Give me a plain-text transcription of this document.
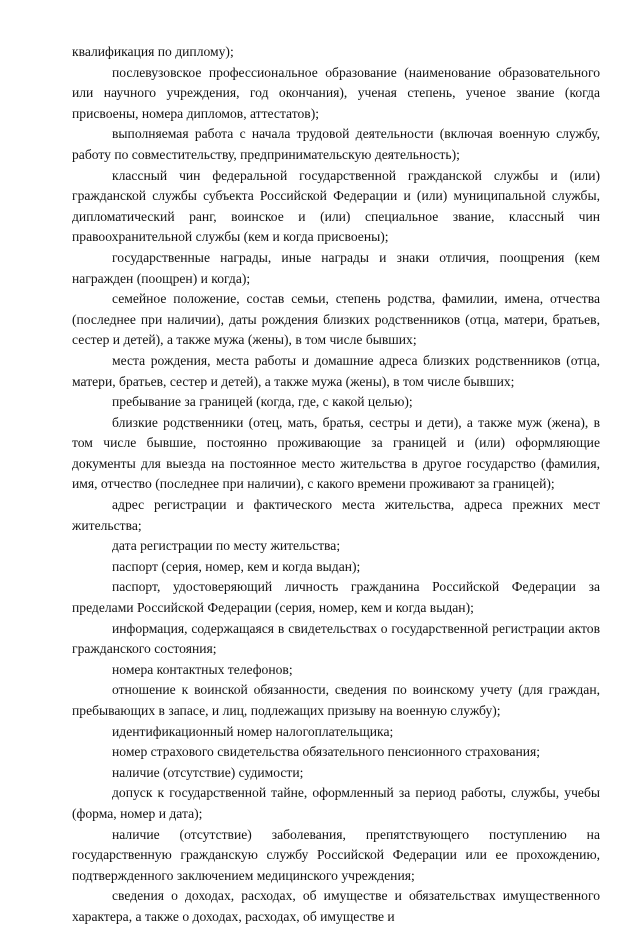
квалификация по диплому);

послевузовское профессиональное образование (наименование образовательного или научного учреждения, год окончания), ученая степень, ученое звание (когда присвоены, номера дипломов, аттестатов);

выполняемая работа с начала трудовой деятельности (включая военную службу, работу по совместительству, предпринимательскую деятельность);

классный чин федеральной государственной гражданской службы и (или) гражданской службы субъекта Российской Федерации и (или) муниципальной службы, дипломатический ранг, воинское и (или) специальное звание, классный чин правоохранительной службы (кем и когда присвоены);

государственные награды, иные награды и знаки отличия, поощрения (кем награжден (поощрен) и когда);

семейное положение, состав семьи, степень родства, фамилии, имена, отчества (последнее при наличии), даты рождения близких родственников (отца, матери, братьев, сестер и детей), а также мужа (жены), в том числе бывших;

места рождения, места работы и домашние адреса близких родственников (отца, матери, братьев, сестер и детей), а также мужа (жены), в том числе бывших;

пребывание за границей (когда, где, с какой целью);

близкие родственники (отец, мать, братья, сестры и дети), а также муж (жена), в том числе бывшие, постоянно проживающие за границей и (или) оформляющие документы для выезда на постоянное место жительства в другое государство (фамилия, имя, отчество (последнее при наличии), с какого времени проживают за границей);

адрес регистрации и фактического места жительства, адреса прежних мест жительства;

дата регистрации по месту жительства;

паспорт (серия, номер, кем и когда выдан);

паспорт, удостоверяющий личность гражданина Российской Федерации за пределами Российской Федерации (серия, номер, кем и когда выдан);

информация, содержащаяся в свидетельствах о государственной регистрации актов гражданского состояния;

номера контактных телефонов;

отношение к воинской обязанности, сведения по воинскому учету (для граждан, пребывающих в запасе, и лиц, подлежащих призыву на военную службу);

идентификационный номер налогоплательщика;

номер страхового свидетельства обязательного пенсионного страхования;

наличие (отсутствие) судимости;

допуск к государственной тайне, оформленный за период работы, службы, учебы (форма, номер и дата);

наличие (отсутствие) заболевания, препятствующего поступлению на государственную гражданскую службу Российской Федерации или ее прохождению, подтвержденного заключением медицинского учреждения;

сведения о доходах, расходах, об имуществе и обязательствах имущественного характера, а также о доходах, расходах, об имуществе и
